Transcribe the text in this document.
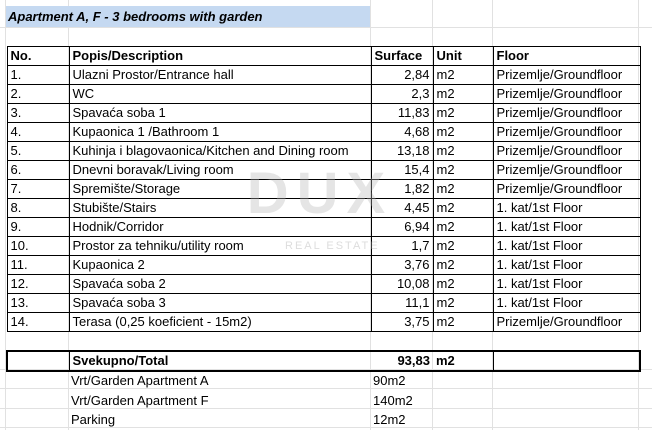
Apartment A, F - 3 bedrooms with garden
No.	Popis/Description	Surface	Unit	Floor
1.	Ulazni Prostor/Entrance hall	2,84	m2	Prizemlje/Groundfloor
2.	WC	2,3	m2	Prizemlje/Groundfloor
3.	Spavaća soba 1	11,83	m2	Prizemlje/Groundfloor
4.	Kupaonica 1 /Bathroom 1	4,68	m2	Prizemlje/Groundfloor
5.	Kuhinja i blagovaonica/Kitchen and Dining room	13,18	m2	Prizemlje/Groundfloor
6.	Dnevni boravak/Living room	15,4	m2	Prizemlje/Groundfloor
7.	Spremište/Storage	1,82	m2	Prizemlje/Groundfloor
8.	Stubište/Stairs	4,45	m2	1. kat/1st Floor
9.	Hodnik/Corridor	6,94	m2	1. kat/1st Floor
10.	Prostor za tehniku/utility room	1,7	m2	1. kat/1st Floor
11.	Kupaonica 2	3,76	m2	1. kat/1st Floor
12.	Spavaća soba 2	10,08	m2	1. kat/1st Floor
13.	Spavaća soba 3	11,1	m2	1. kat/1st Floor
14.	Terasa (0,25 koeficient - 15m2)	3,75	m2	Prizemlje/Groundfloor

	Svekupno/Total	93,83	m2	
Vrt/Garden Apartment A	90m2
Vrt/Garden Apartment F	140m2
Parking	12m2
DUX
REAL ESTATE
